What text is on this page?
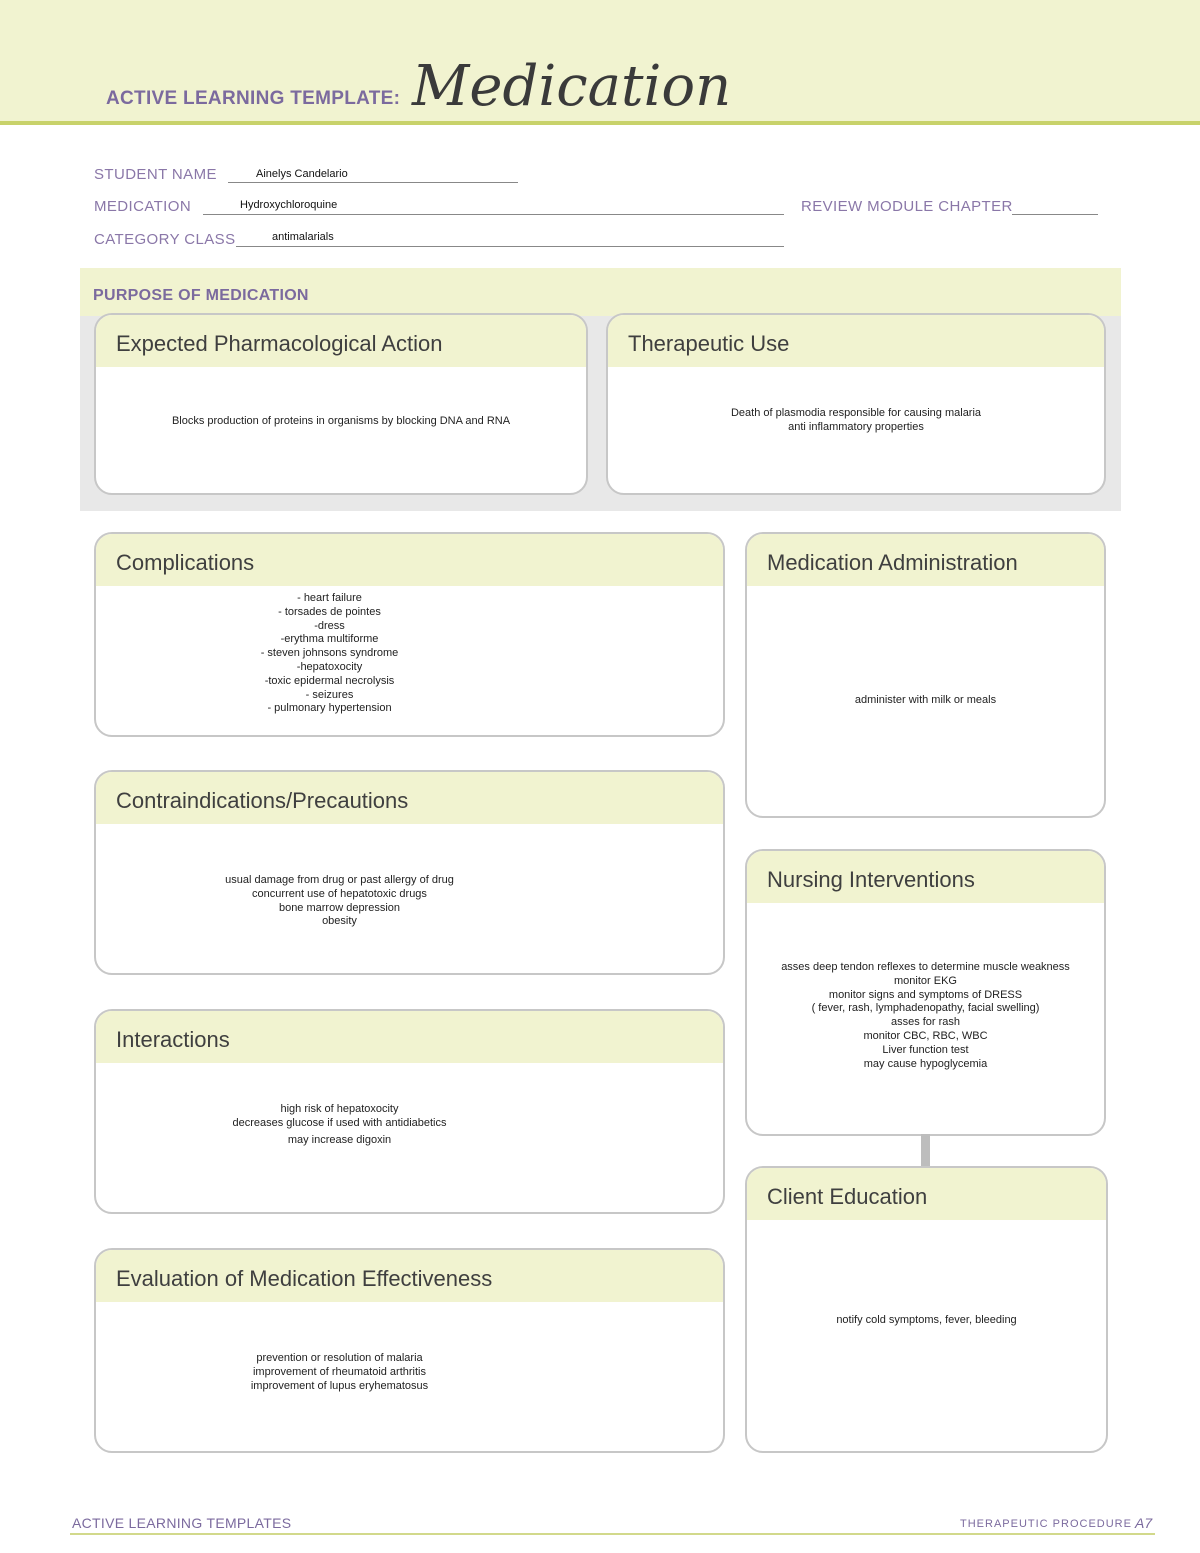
ACTIVE LEARNING TEMPLATE: Medication
STUDENT NAME	Ainelys Candelario
MEDICATION	Hydroxychloroquine	REVIEW MODULE CHAPTER
CATEGORY CLASS	antimalarials
PURPOSE OF MEDICATION
Expected Pharmacological Action
Blocks production of proteins in organisms by blocking DNA and RNA
Therapeutic Use
Death of plasmodia responsible for causing malaria
anti inflammatory properties
Complications
- heart failure
- torsades de pointes
-dress
-erythma multiforme
- steven johnsons syndrome
-hepatoxocity
-toxic epidermal necrolysis
- seizures
- pulmonary hypertension
Medication Administration
administer with milk or meals
Contraindications/Precautions
usual damage from drug or past allergy of drug
concurrent use of hepatotoxic drugs
bone marrow depression
obesity
Nursing Interventions
asses deep tendon reflexes to determine muscle weakness
monitor EKG
monitor signs and symptoms of DRESS
( fever, rash, lymphadenopathy, facial swelling)
asses for rash
monitor CBC, RBC, WBC
Liver function test
may cause hypoglycemia
Interactions
high risk of hepatoxocity
decreases glucose if used with antidiabetics
may increase digoxin
Client Education
notify cold symptoms, fever, bleeding
Evaluation of Medication Effectiveness
prevention or resolution of malaria
improvement of rheumatoid arthritis
improvement of lupus eryhematosus
ACTIVE LEARNING TEMPLATES	THERAPEUTIC PROCEDURE A7
